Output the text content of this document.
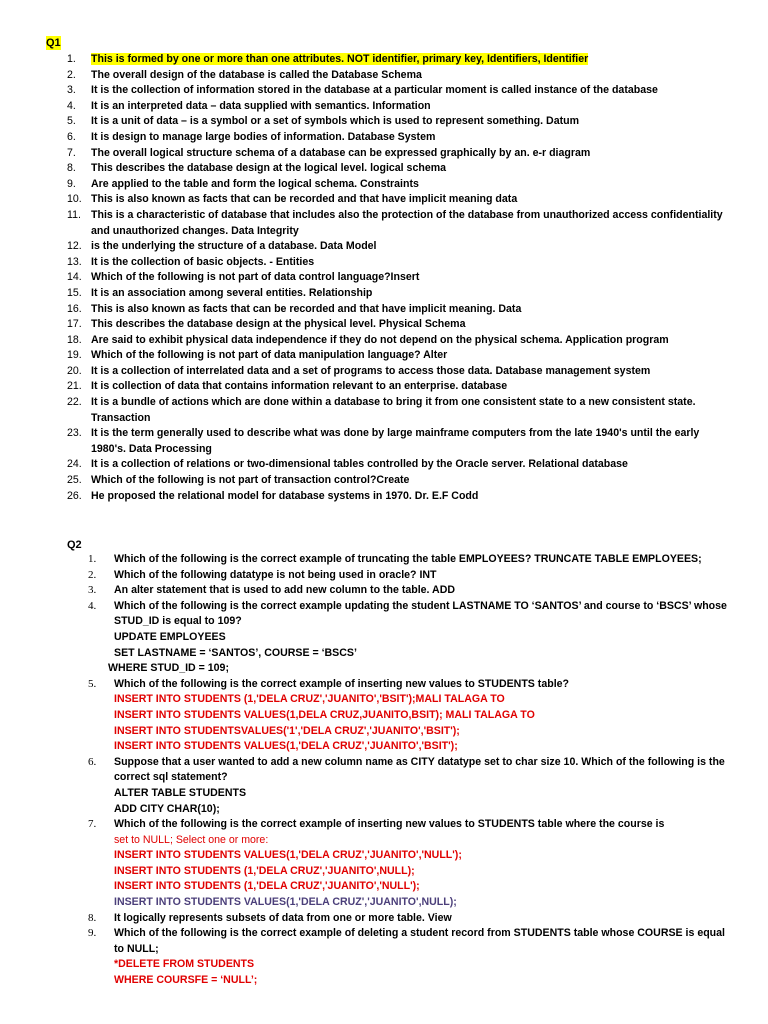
Q1
1. This is formed by one or more than one attributes. NOT identifier, primary key, Identifiers, Identifier
2. The overall design of the database is called the Database Schema
3. It is the collection of information stored in the database at a particular moment is called instance of the database
4. It is an interpreted data – data supplied with semantics. Information
5. It is a unit of data – is a symbol or a set of symbols which is used to represent something. Datum
6. It is design to manage large bodies of information. Database System
7. The overall logical structure schema of a database can be expressed graphically by an. e-r diagram
8. This describes the database design at the logical level. logical schema
9. Are applied to the table and form the logical schema. Constraints
10. This is also known as facts that can be recorded and that have implicit meaning data
11. This is a characteristic of database that includes also the protection of the database from unauthorized access confidentiality and unauthorized changes. Data Integrity
12. is the underlying the structure of a database. Data Model
13. It is the collection of basic objects. - Entities
14. Which of the following is not part of data control language?Insert
15. It is an association among several entities. Relationship
16. This is also known as facts that can be recorded and that have implicit meaning. Data
17. This describes the database design at the physical level. Physical Schema
18. Are said to exhibit physical data independence if they do not depend on the physical schema. Application program
19. Which of the following is not part of data manipulation language? Alter
20. It is a collection of interrelated data and a set of programs to access those data. Database management system
21. It is collection of data that contains information relevant to an enterprise. database
22. It is a bundle of actions which are done within a database to bring it from one consistent state to a new consistent state. Transaction
23. It is the term generally used to describe what was done by large mainframe computers from the late 1940's until the early 1980's. Data Processing
24. It is a collection of relations or two-dimensional tables controlled by the Oracle server. Relational database
25. Which of the following is not part of transaction control?Create
26. He proposed the relational model for database systems in 1970. Dr. E.F Codd
Q2
1. Which of the following is the correct example of truncating the table EMPLOYEES? TRUNCATE TABLE EMPLOYEES;
2. Which of the following datatype is not being used in oracle? INT
3. An alter statement that is used to add new column to the table. ADD
4. Which of the following is the correct example updating the student LASTNAME TO ‘SANTOS’ and course to ‘BSCS’ whose STUD_ID is equal to 109?
UPDATE EMPLOYEES
SET LASTNAME = ‘SANTOS’, COURSE = ‘BSCS’
WHERE STUD_ID = 109;
5. Which of the following is the correct example of inserting new values to STUDENTS table?
INSERT INTO STUDENTS (1,'DELA CRUZ','JUANITO','BSIT');MALI TALAGA TO
INSERT INTO STUDENTS VALUES(1,DELA CRUZ,JUANITO,BSIT); MALI TALAGA TO
INSERT INTO STUDENTSVALUES('1','DELA CRUZ','JUANITO','BSIT');
INSERT INTO STUDENTS VALUES(1,'DELA CRUZ','JUANITO','BSIT');
6. Suppose that a user wanted to add a new column name as CITY datatype set to char size 10. Which of the following is the correct sql statement?
ALTER TABLE STUDENTS
ADD CITY CHAR(10);
7. Which of the following is the correct example of inserting new values to STUDENTS table where the course is
set to NULL; Select one or more:
INSERT INTO STUDENTS VALUES(1,'DELA CRUZ','JUANITO','NULL');
INSERT INTO STUDENTS (1,'DELA CRUZ','JUANITO',NULL);
INSERT INTO STUDENTS (1,'DELA CRUZ','JUANITO','NULL');
INSERT INTO STUDENTS VALUES(1,'DELA CRUZ','JUANITO',NULL);
8. It logically represents subsets of data from one or more table. View
9. Which of the following is the correct example of deleting a student record from STUDENTS table whose COURSE is equal to NULL;
*DELETE FROM STUDENTS
WHERE COURSFE = ‘NULL’;
